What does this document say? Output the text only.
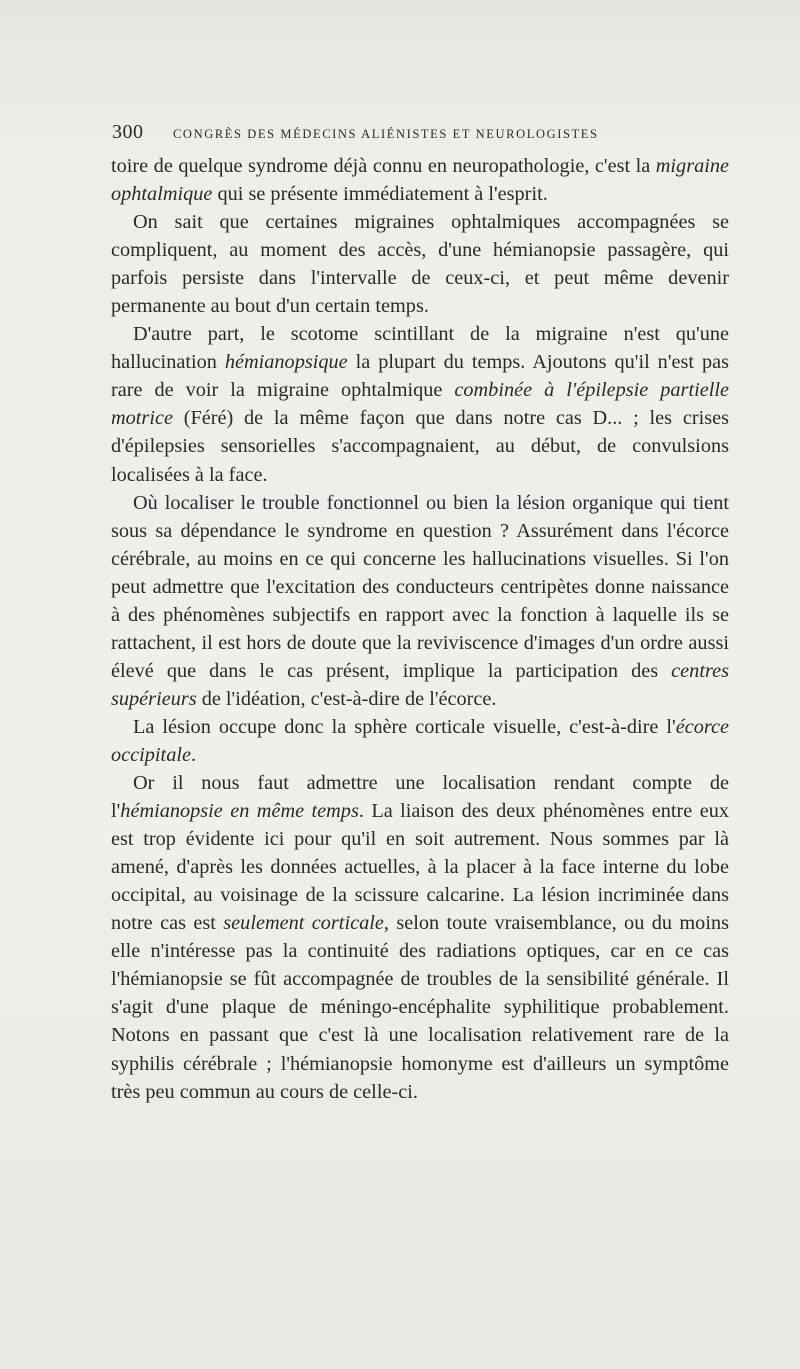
300 CONGRÈS DES MÉDECINS ALIÉNISTES ET NEUROLOGISTES

toire de quelque syndrome déjà connu en neuropathologie, c'est la migraine ophtalmique qui se présente immédiatement à l'esprit.

On sait que certaines migraines ophtalmiques accompagnées se compliquent, au moment des accès, d'une hémianopsie passagère, qui parfois persiste dans l'intervalle de ceux-ci, et peut même devenir permanente au bout d'un certain temps.

D'autre part, le scotome scintillant de la migraine n'est qu'une hallucination hémianopsique la plupart du temps. Ajoutons qu'il n'est pas rare de voir la migraine ophtalmique combinée à l'épilepsie partielle motrice (Féré) de la même façon que dans notre cas D... ; les crises d'épilepsies sensorielles s'accompagnaient, au début, de convulsions localisées à la face.

Où localiser le trouble fonctionnel ou bien la lésion organique qui tient sous sa dépendance le syndrome en question ? Assurément dans l'écorce cérébrale, au moins en ce qui concerne les hallucinations visuelles. Si l'on peut admettre que l'excitation des conducteurs centripètes donne naissance à des phénomènes subjectifs en rapport avec la fonction à laquelle ils se rattachent, il est hors de doute que la reviviscence d'images d'un ordre aussi élevé que dans le cas présent, implique la participation des centres supérieurs de l'idéation, c'est-à-dire de l'écorce.

La lésion occupe donc la sphère corticale visuelle, c'est-à-dire l'écorce occipitale.

Or il nous faut admettre une localisation rendant compte de l'hémianopsie en même temps. La liaison des deux phénomènes entre eux est trop évidente ici pour qu'il en soit autrement. Nous sommes par là amené, d'après les données actuelles, à la placer à la face interne du lobe occipital, au voisinage de la scissure calcarine. La lésion incriminée dans notre cas est seulement corticale, selon toute vraisemblance, ou du moins elle n'intéresse pas la continuité des radiations optiques, car en ce cas l'hémianopsie se fût accompagnée de troubles de la sensibilité générale. Il s'agit d'une plaque de méningo-encéphalite syphilitique probablement. Notons en passant que c'est là une localisation relativement rare de la syphilis cérébrale ; l'hémianopsie homonyme est d'ailleurs un symptôme très peu commun au cours de celle-ci.
